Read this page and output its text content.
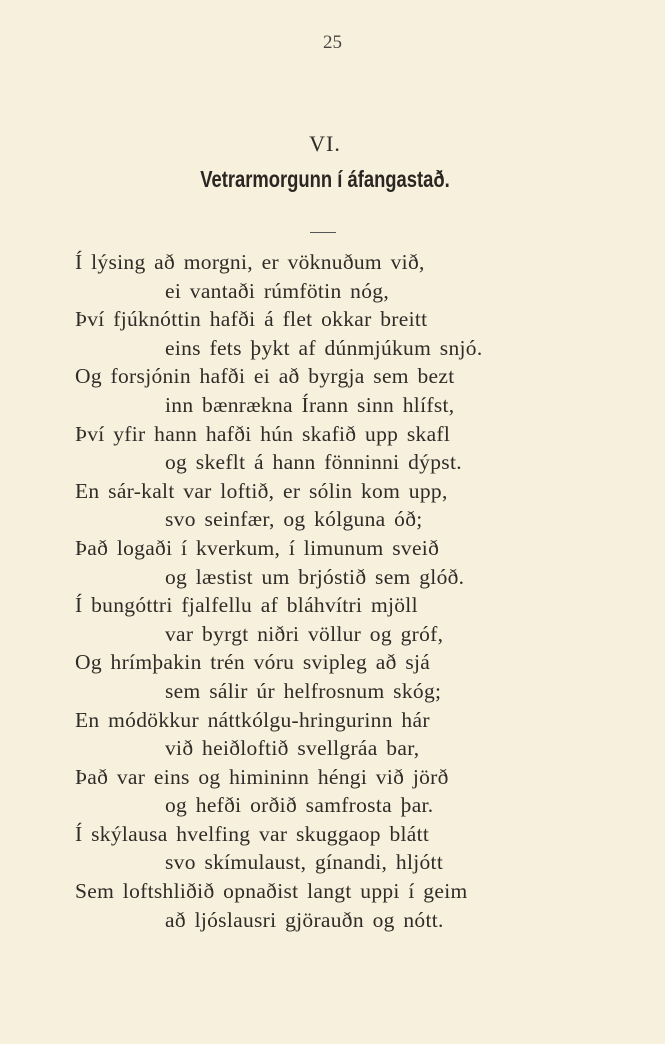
25
VI.
Vetrarmorgunn í áfangastað.
Í lýsing að morgni, er vöknuðum við,
ei vantaði rúmfötin nóg,
Því fjúknóttin hafði á flet okkar breitt
eins fets þykt af dúnmjúkum snjó.
Og forsjónin hafði ei að byrgja sem bezt
inn bænrækna Írann sinn hlífst,
Því yfir hann hafði hún skafið upp skafl
og skeflt á hann fönninni dýpst.
En sár-kalt var loftið, er sólin kom upp,
svo seinfær, og kólguna óð;
Það logaði í kverkum, í limunum sveið
og læstist um brjóstið sem glóð.
Í bungóttri fjalfellu af bláhvítri mjöll
var byrgt niðri völlur og gróf,
Og hrímþakin trén vóru svipleg að sjá
sem sálir úr helfrosnum skóg;
En módökkur náttkólgu-hringurinn hár
við heiðloftið svellgráa bar,
Það var eins og himininn héngi við jörð
og hefði orðið samfrosta þar.
Í skýlausa hvelfing var skuggaop blátt
svo skímulaust, gínandi, hljótt
Sem loftshliðið opnaðist langt uppi í geim
að ljóslausri gjörauðn og nótt.
